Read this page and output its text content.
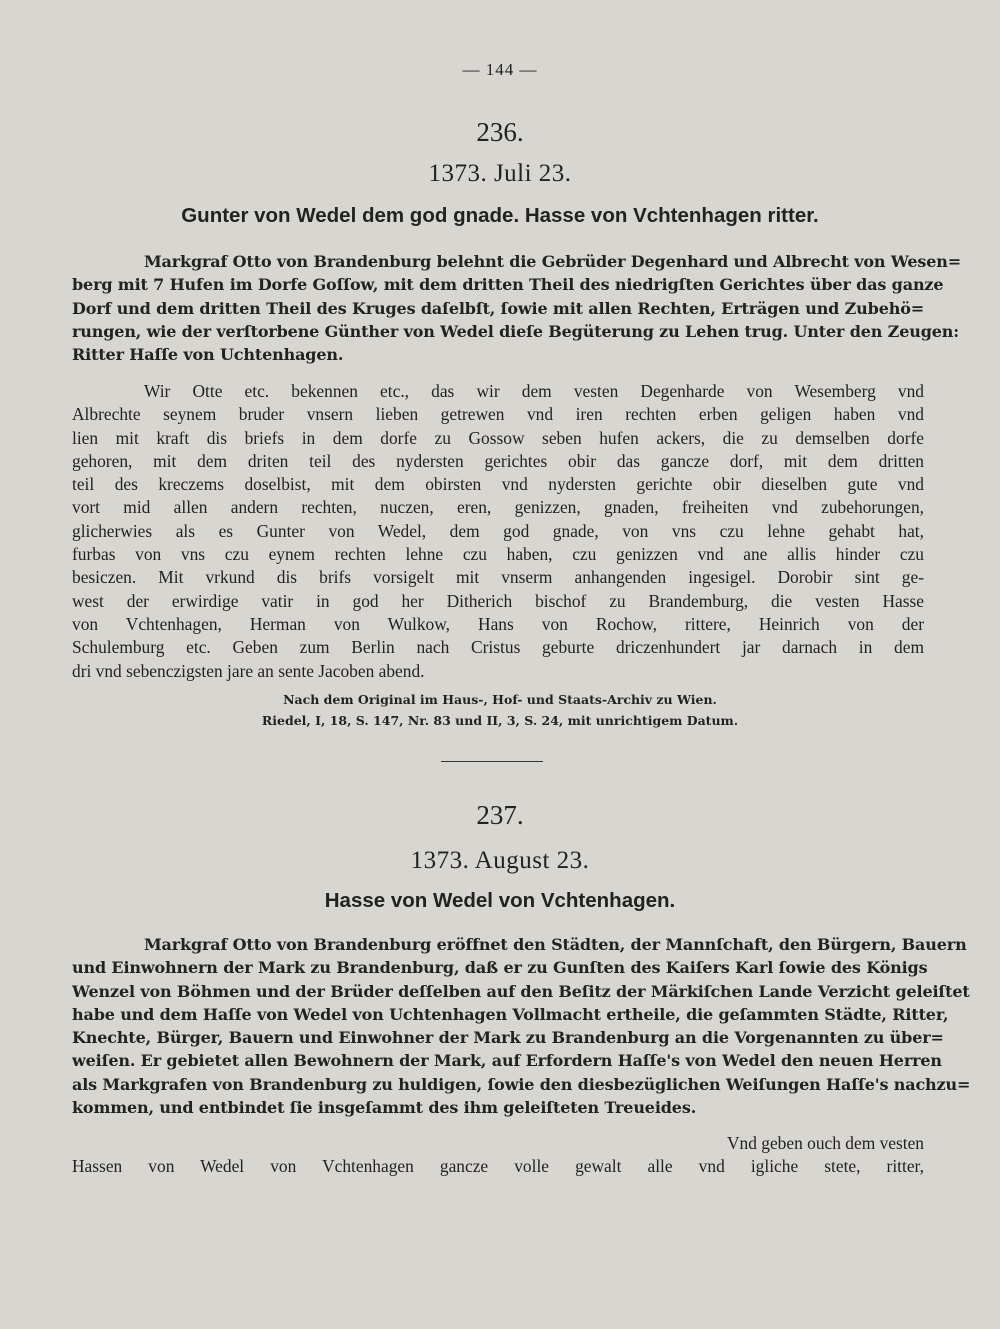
— 144 —
236.
1373. Juli 23.
Gunter von Wedel dem god gnade. Hasse von Vchtenhagen ritter.
Markgraf Otto von Brandenburg belehnt die Gebrüder Degenhard und Albrecht von Wesen=
berg mit 7 Hufen im Dorfe Goſſow, mit dem dritten Theil des niedrigſten Gerichtes über das ganze
Dorf und dem dritten Theil des Kruges daſelbſt, ſowie mit allen Rechten, Erträgen und Zubehö=
rungen, wie der verſtorbene Günther von Wedel dieſe Begüterung zu Lehen trug. Unter den Zeugen:
Ritter Haſſe von Uchtenhagen.
Wir Otte etc. bekennen etc., das wir dem vesten Degenharde von Wesemberg vnd
Albrechte seynem bruder vnsern lieben getrewen vnd iren rechten erben geligen haben vnd
lien mit kraft dis briefs in dem dorfe zu Gossow seben hufen ackers, die zu demselben dorfe
gehoren, mit dem driten teil des nydersten gerichtes obir das gancze dorf, mit dem dritten
teil des kreczems doselbist, mit dem obirsten vnd nydersten gerichte obir dieselben gute vnd
vort mid allen andern rechten, nuczen, eren, genizzen, gnaden, freiheiten vnd zubehorungen,
glicherwies als es Gunter von Wedel, dem god gnade, von vns czu lehne gehabt hat,
furbas von vns czu eynem rechten lehne czu haben, czu genizzen vnd ane allis hinder czu
besiczen. Mit vrkund dis brifs vorsigelt mit vnserm anhangenden ingesigel. Dorobir sint ge-
west der erwirdige vatir in god her Ditherich bischof zu Brandemburg, die vesten Hasse
von Vchtenhagen, Herman von Wulkow, Hans von Rochow, rittere, Heinrich von der
Schulemburg etc. Geben zum Berlin nach Cristus geburte driczenhundert jar darnach in dem
dri vnd sebenczigsten jare an sente Jacoben abend.
Nach dem Original im Haus-, Hof- und Staats-Archiv zu Wien.
Riedel, I, 18, S. 147, Nr. 83 und II, 3, S. 24, mit unrichtigem Datum.
237.
1373. August 23.
Hasse von Wedel von Vchtenhagen.
Markgraf Otto von Brandenburg eröffnet den Städten, der Mannſchaft, den Bürgern, Bauern
und Einwohnern der Mark zu Brandenburg, daß er zu Gunſten des Kaiſers Karl ſowie des Königs
Wenzel von Böhmen und der Brüder deſſelben auf den Beſitz der Märkiſchen Lande Verzicht geleiſtet
habe und dem Haſſe von Wedel von Uchtenhagen Vollmacht ertheile, die geſammten Städte, Ritter,
Knechte, Bürger, Bauern und Einwohner der Mark zu Brandenburg an die Vorgenannten zu über=
weiſen. Er gebietet allen Bewohnern der Mark, auf Erfordern Haſſe's von Wedel den neuen Herren
als Markgrafen von Brandenburg zu huldigen, ſowie den diesbezüglichen Weiſungen Haſſe's nachzu=
kommen, und entbindet ſie insgeſammt des ihm geleiſteten Treueides.
Vnd geben ouch dem vesten
Hassen von Wedel von Vchtenhagen gancze volle gewalt alle vnd igliche stete, ritter,
